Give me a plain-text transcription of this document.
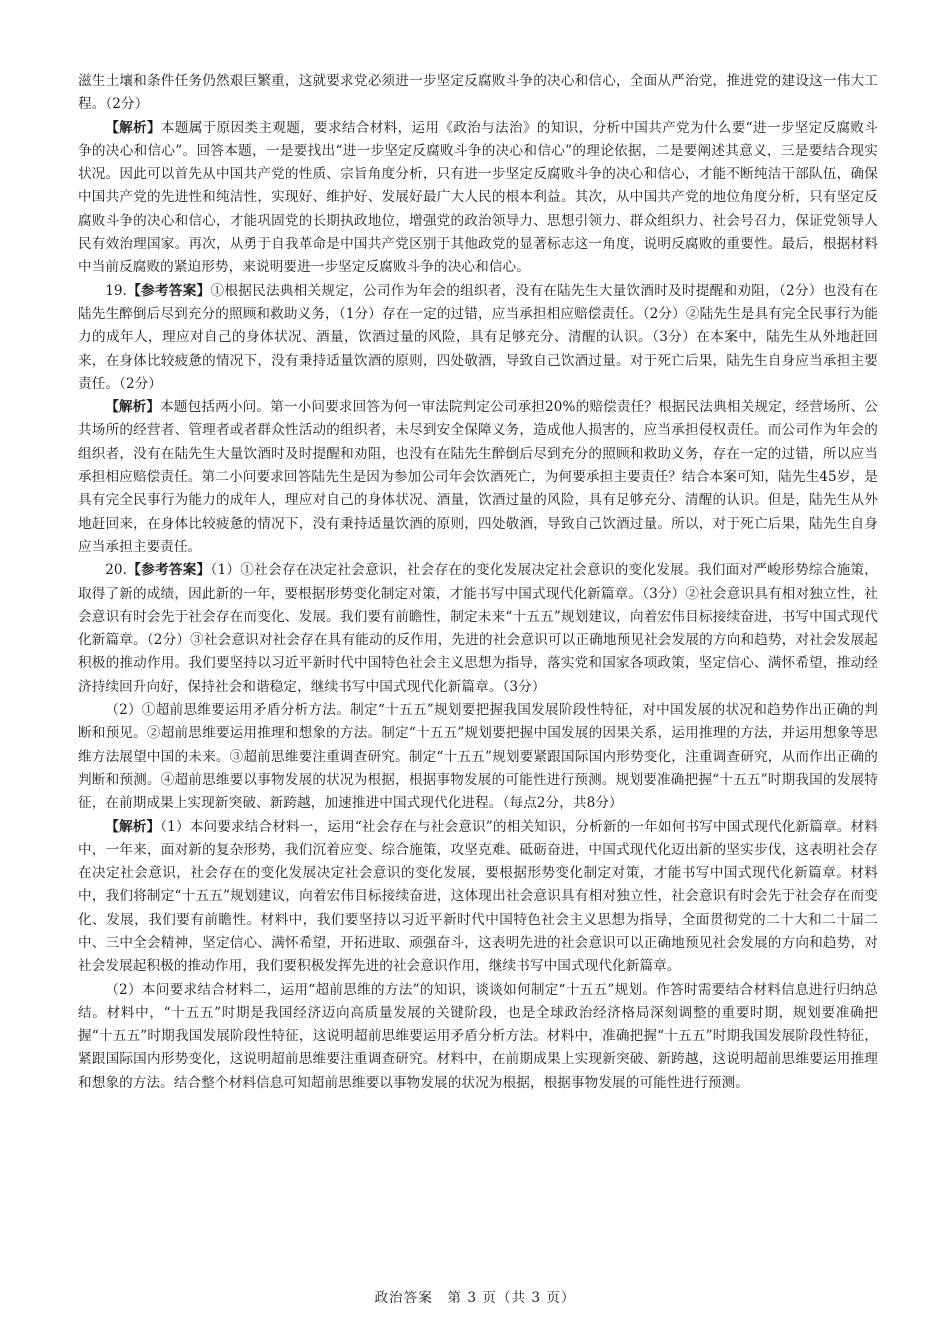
滋生土壤和条件任务仍然艰巨繁重，这就要求党必须进一步坚定反腐败斗争的决心和信心，全面从严治党，推进党的建设这一伟大工程。（2分）

【解析】本题属于原因类主观题，要求结合材料，运用《政治与法治》的知识，分析中国共产党为什么要“进一步坚定反腐败斗争的决心和信心”。回答本题，一是要找出“进一步坚定反腐败斗争的决心和信心”的理论依据，二是要阐述其意义，三是要结合现实状况。因此可以首先从中国共产党的性质、宗旨角度分析，只有进一步坚定反腐败斗争的决心和信心，才能不断纯洁干部队伍，确保中国共产党的先进性和纯洁性，实现好、维护好、发展好最广大人民的根本利益。其次，从中国共产党的地位角度分析，只有坚定反腐败斗争的决心和信心，才能巩固党的长期执政地位，增强党的政治领导力、思想引领力、群众组织力、社会号召力，保证党领导人民有效治理国家。再次，从勇于自我革命是中国共产党区别于其他政党的显著标志这一角度，说明反腐败的重要性。最后，根据材料中当前反腐败的紧迫形势，来说明要进一步坚定反腐败斗争的决心和信心。

19.【参考答案】①根据民法典相关规定，公司作为年会的组织者，没有在陆先生大量饮酒时及时提醒和劝阻，（2分）也没有在陆先生醉倒后尽到充分的照顾和救助义务，（1分）存在一定的过错，应当承担相应赔偿责任。（2分）②陆先生是具有完全民事行为能力的成年人，理应对自己的身体状况、酒量，饮酒过量的风险，具有足够充分、清醒的认识。（3分）在本案中，陆先生从外地赶回来，在身体比较疲惫的情况下，没有秉持适量饮酒的原则，四处敬酒，导致自己饮酒过量。对于死亡后果，陆先生自身应当承担主要责任。（2分）

【解析】本题包括两小问。第一小问要求回答为何一审法院判定公司承担20%的赔偿责任？根据民法典相关规定，经营场所、公共场所的经营者、管理者或者群众性活动的组织者，未尽到安全保障义务，造成他人损害的，应当承担侵权责任。而公司作为年会的组织者，没有在陆先生大量饮酒时及时提醒和劝阻，也没有在陆先生醉倒后尽到充分的照顾和救助义务，存在一定的过错，所以应当承担相应赔偿责任。第二小问要求回答陆先生是因为参加公司年会饮酒死亡，为何要承担主要责任？结合本案可知，陆先生45岁，是具有完全民事行为能力的成年人，理应对自己的身体状况、酒量，饮酒过量的风险，具有足够充分、清醒的认识。但是，陆先生从外地赶回来，在身体比较疲惫的情况下，没有秉持适量饮酒的原则，四处敬酒，导致自己饮酒过量。所以，对于死亡后果，陆先生自身应当承担主要责任。

20.【参考答案】（1）①社会存在决定社会意识，社会存在的变化发展决定社会意识的变化发展。我们面对严峻形势综合施策，取得了新的成绩，因此新的一年，要根据形势变化制定对策，才能书写中国式现代化新篇章。（3分）②社会意识具有相对独立性，社会意识有时会先于社会存在而变化、发展。我们要有前瞻性，制定未来“十五五”规划建议，向着宏伟目标接续奋进，书写中国式现代化新篇章。（2分）③社会意识对社会存在具有能动的反作用，先进的社会意识可以正确地预见社会发展的方向和趋势，对社会发展起积极的推动作用。我们要坚持以习近平新时代中国特色社会主义思想为指导，落实党和国家各项政策，坚定信心、满怀希望，推动经济持续回升向好，保持社会和谐稳定，继续书写中国式现代化新篇章。（3分）

（2）①超前思维要运用矛盾分析方法。制定“十五五”规划要把握我国发展阶段性特征，对中国发展的状况和趋势作出正确的判断和预见。②超前思维要运用推理和想象的方法。制定“十五五”规划要把握中国发展的因果关系，运用推理的方法，并运用想象等思维方法展望中国的未来。③超前思维要注重调查研究。制定“十五五”规划要紧跟国际国内形势变化，注重调查研究，从而作出正确的判断和预测。④超前思维要以事物发展的状况为根据，根据事物发展的可能性进行预测。规划要准确把握“十五五”时期我国的发展特征，在前期成果上实现新突破、新跨越，加速推进中国式现代化进程。（每点2分，共8分）

【解析】（1）本问要求结合材料一，运用“社会存在与社会意识”的相关知识，分析新的一年如何书写中国式现代化新篇章。材料中，一年来，面对新的复杂形势，我们沉着应变、综合施策，攻坚克难、砥砺奋进，中国式现代化迈出新的坚实步伐，这表明社会存在决定社会意识，社会存在的变化发展决定社会意识的变化发展，要根据形势变化制定对策，才能书写中国式现代化新篇章。材料中，我们将制定“十五五”规划建议，向着宏伟目标接续奋进，这体现出社会意识具有相对独立性，社会意识有时会先于社会存在而变化、发展，我们要有前瞻性。材料中，我们要坚持以习近平新时代中国特色社会主义思想为指导，全面贯彻党的二十大和二十届二中、三中全会精神，坚定信心、满怀希望，开拓进取、顽强奋斗，这表明先进的社会意识可以正确地预见社会发展的方向和趋势，对社会发展起积极的推动作用，我们要积极发挥先进的社会意识作用，继续书写中国式现代化新篇章。

（2）本问要求结合材料二，运用“超前思维的方法”的知识，谈谈如何制定“十五五”规划。作答时需要结合材料信息进行归纳总结。材料中，“十五五”时期是我国经济迈向高质量发展的关键阶段，也是全球政治经济格局深刻调整的重要时期，规划要准确把握“十五五”时期我国发展阶段性特征，这说明超前思维要运用矛盾分析方法。材料中，准确把握“十五五”时期我国发展阶段性特征，紧跟国际国内形势变化，这说明超前思维要注重调查研究。材料中，在前期成果上实现新突破、新跨越，这说明超前思维要运用推理和想象的方法。结合整个材料信息可知超前思维要以事物发展的状况为根据，根据事物发展的可能性进行预测。

政治答案　第 3 页（共 3 页）
